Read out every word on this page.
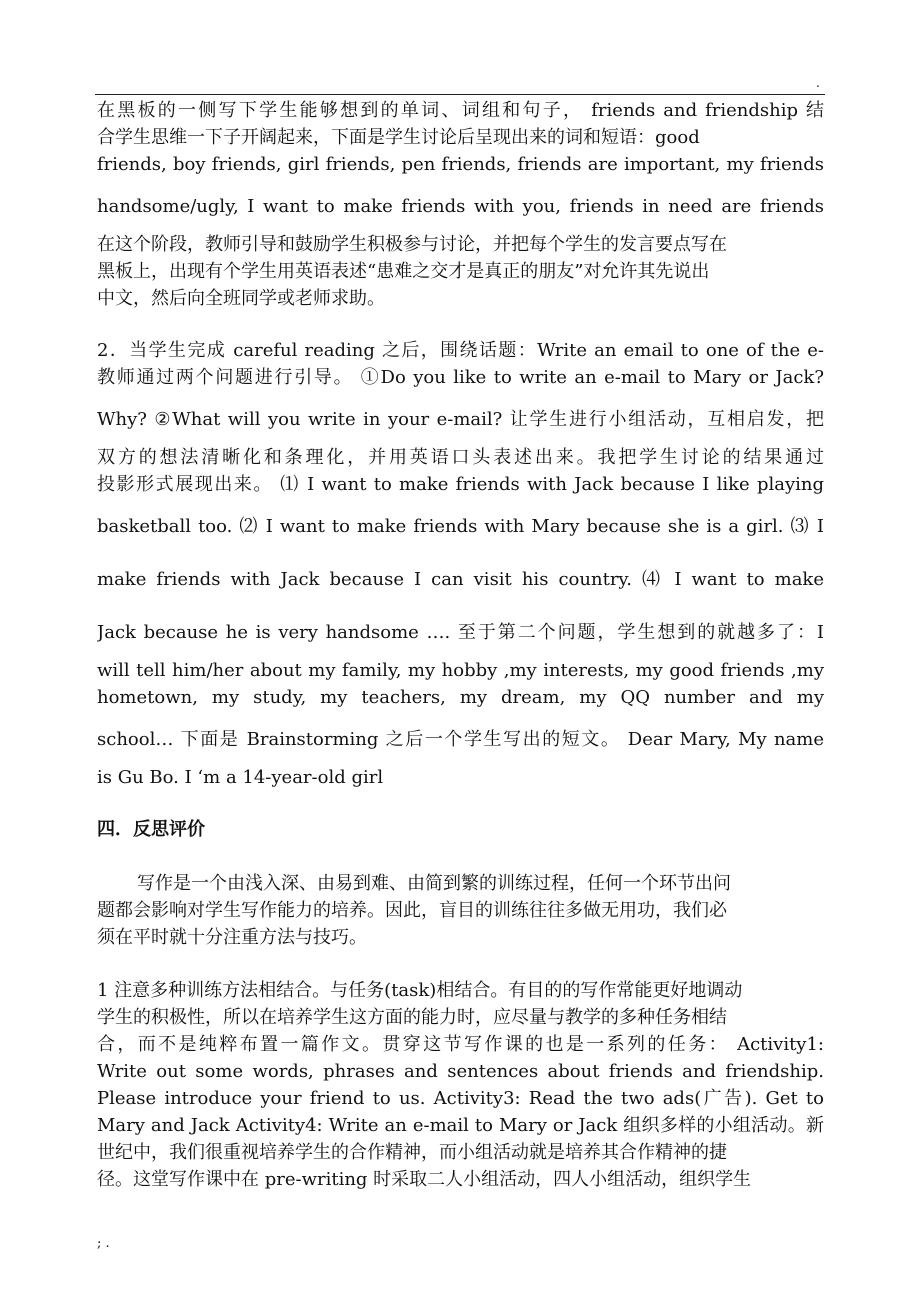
.
在黑板的一侧写下学生能够想到的单词、词组和句子， friends and friendship 结
合学生思维一下子开阔起来，下面是学生讨论后呈现出来的词和短语：good
friends, boy friends, girl friends, pen friends, friends are important, my friends
handsome/ugly, I want to make friends with you, friends in need are friends
在这个阶段，教师引导和鼓励学生积极参与讨论，并把每个学生的发言要点写在
黑板上，出现有个学生用英语表述“患难之交才是真正的朋友”对允许其先说出
中文，然后向全班同学或老师求助。
2．当学生完成 careful reading 之后，围绕话题：Write an email to one of the e-
教师通过两个问题进行引导。 ①Do you like to write an e-mail to Mary or Jack?
Why? ②What will you write in your e-mail? 让学生进行小组活动，互相启发，把
双方的想法清晰化和条理化，并用英语口头表述出来。我把学生讨论的结果通过
投影形式展现出来。 ⑴ I want to make friends with Jack because I like playing
basketball too. ⑵ I want to make friends with Mary because she is a girl. ⑶ I
make friends with Jack because I can visit his country. ⑷ I want to make
Jack because he is very handsome …. 至于第二个问题，学生想到的就越多了：I
will tell him/her about my family, my hobby ,my interests, my good friends ,my
hometown, my study, my teachers, my dream, my QQ number and my
school… 下面是 Brainstorming 之后一个学生写出的短文。 Dear Mary, My name
is Gu Bo. I ‘m a 14-year-old girl
四．反思评价
写作是一个由浅入深、由易到难、由简到繁的训练过程，任何一个环节出问
题都会影响对学生写作能力的培养。因此，盲目的训练往往多做无用功，我们必
须在平时就十分注重方法与技巧。
1 注意多种训练方法相结合。与任务(task)相结合。有目的的写作常能更好地调动
学生的积极性，所以在培养学生这方面的能力时，应尽量与教学的多种任务相结
合，而不是纯粹布置一篇作文。贯穿这节写作课的也是一系列的任务： Activity1:
Write out some words, phrases and sentences about friends and friendship.
Please introduce your friend to us. Activity3: Read the two ads(广告). Get to
Mary and Jack Activity4: Write an e-mail to Mary or Jack 组织多样的小组活动。新
世纪中，我们很重视培养学生的合作精神，而小组活动就是培养其合作精神的捷
径。这堂写作课中在 pre-writing 时采取二人小组活动，四人小组活动，组织学生
; .
